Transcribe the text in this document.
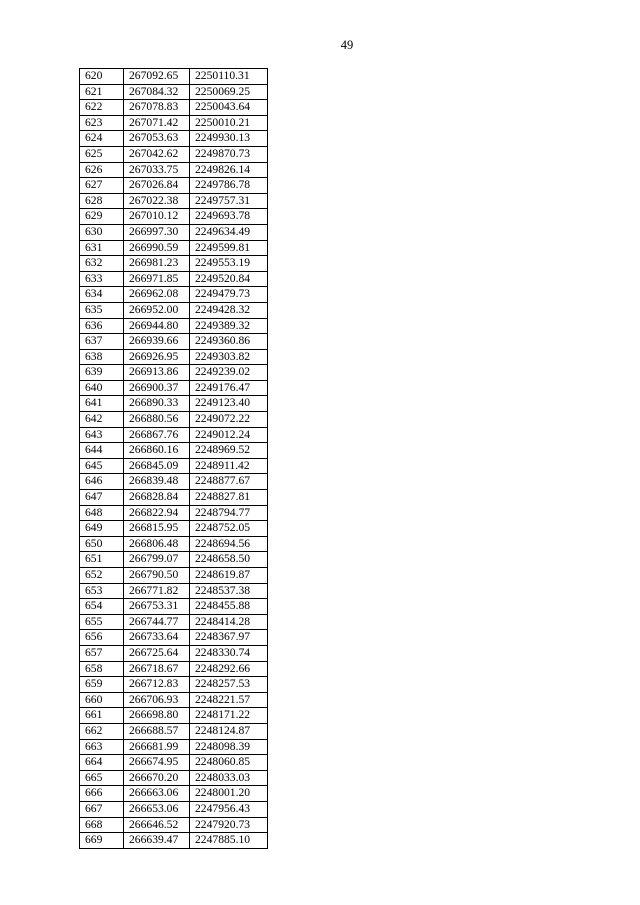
49
620	267092.65	2250110.31
621	267084.32	2250069.25
622	267078.83	2250043.64
623	267071.42	2250010.21
624	267053.63	2249930.13
625	267042.62	2249870.73
626	267033.75	2249826.14
627	267026.84	2249786.78
628	267022.38	2249757.31
629	267010.12	2249693.78
630	266997.30	2249634.49
631	266990.59	2249599.81
632	266981.23	2249553.19
633	266971.85	2249520.84
634	266962.08	2249479.73
635	266952.00	2249428.32
636	266944.80	2249389.32
637	266939.66	2249360.86
638	266926.95	2249303.82
639	266913.86	2249239.02
640	266900.37	2249176.47
641	266890.33	2249123.40
642	266880.56	2249072.22
643	266867.76	2249012.24
644	266860.16	2248969.52
645	266845.09	2248911.42
646	266839.48	2248877.67
647	266828.84	2248827.81
648	266822.94	2248794.77
649	266815.95	2248752.05
650	266806.48	2248694.56
651	266799.07	2248658.50
652	266790.50	2248619.87
653	266771.82	2248537.38
654	266753.31	2248455.88
655	266744.77	2248414.28
656	266733.64	2248367.97
657	266725.64	2248330.74
658	266718.67	2248292.66
659	266712.83	2248257.53
660	266706.93	2248221.57
661	266698.80	2248171.22
662	266688.57	2248124.87
663	266681.99	2248098.39
664	266674.95	2248060.85
665	266670.20	2248033.03
666	266663.06	2248001.20
667	266653.06	2247956.43
668	266646.52	2247920.73
669	266639.47	2247885.10
